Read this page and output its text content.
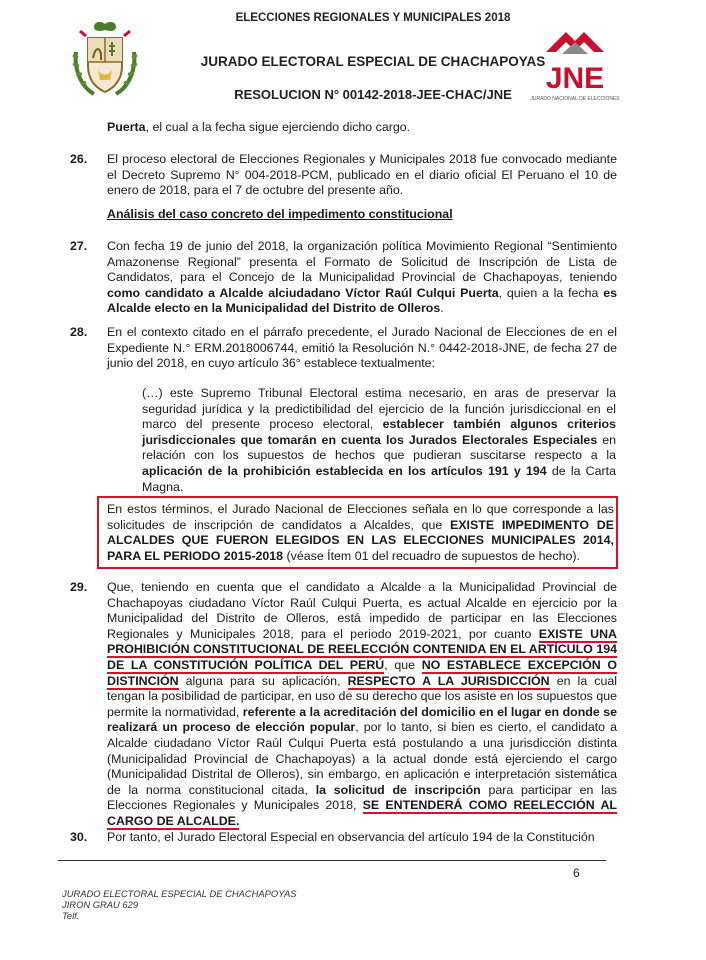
ELECCIONES REGIONALES Y MUNICIPALES 2018
JURADO ELECTORAL ESPECIAL DE CHACHAPOYAS
RESOLUCION N° 00142-2018-JEE-CHAC/JNE	JNE
JURADO NACIONAL DE ELECCIONES
Puerta, el cual a la fecha sigue ejerciendo dicho cargo.
26. El proceso electoral de Elecciones Regionales y Municipales 2018 fue convocado mediante el Decreto Supremo N° 004-2018-PCM, publicado en el diario oficial El Peruano el 10 de enero de 2018, para el 7 de octubre del presente año.
Análisis del caso concreto del impedimento constitucional
27. Con fecha 19 de junio del 2018, la organización política Movimiento Regional “Sentimiento Amazonense Regional” presenta el Formato de Solicitud de Inscripción de Lista de Candidatos, para el Concejo de la Municipalidad Provincial de Chachapoyas, teniendo como candidato a Alcalde alciudadano Víctor Raúl Culqui Puerta, quien a la fecha es Alcalde electo en la Municipalidad del Distrito de Olleros.
28. En el contexto citado en el párrafo precedente, el Jurado Nacional de Elecciones de en el Expediente N.° ERM.2018006744, emitió la Resolución N.° 0442-2018-JNE, de fecha 27 de junio del 2018, en cuyo artículo 36° establece textualmente:
(…) este Supremo Tribunal Electoral estima necesario, en aras de preservar la seguridad jurídica y la predictibilidad del ejercicio de la función jurisdiccional en el marco del presente proceso electoral, establecer también algunos criterios jurisdiccionales que tomarán en cuenta los Jurados Electorales Especiales en relación con los supuestos de hechos que pudieran suscitarse respecto a la aplicación de la prohibición establecida en los artículos 191 y 194 de la Carta Magna.
En estos términos, el Jurado Nacional de Elecciones señala en lo que corresponde a las solicitudes de inscripción de candidatos a Alcaldes, que EXISTE IMPEDIMENTO DE ALCALDES QUE FUERON ELEGIDOS EN LAS ELECCIONES MUNICIPALES 2014, PARA EL PERIODO 2015-2018 (véase Ítem 01 del recuadro de supuestos de hecho).
29. Que, teniendo en cuenta que el candidato a Alcalde a la Municipalidad Provincial de Chachapoyas ciudadano Víctor Raúl Culqui Puerta, es actual Alcalde en ejercicio por la Municipalidad del Distrito de Olleros, está impedido de participar en las Elecciones Regionales y Municipales 2018, para el periodo 2019-2021, por cuanto EXISTE UNA PROHIBICIÓN CONSTITUCIONAL DE REELECCIÓN CONTENIDA EN EL ARTÍCULO 194 DE LA CONSTITUCIÓN POLÍTICA DEL PERÚ, que NO ESTABLECE EXCEPCIÓN O DISTINCIÓN alguna para su aplicación, RESPECTO A LA JURISDICCIÓN en la cual tengan la posibilidad de participar, en uso de su derecho que los asiste en los supuestos que permite la normatividad, referente a la acreditación del domicilio en el lugar en donde se realizará un proceso de elección popular, por lo tanto, si bien es cierto, el candidato a Alcalde ciudadano Víctor Raúl Culqui Puerta está postulando a una jurisdicción distinta (Municipalidad Provincial de Chachapoyas) a la actual donde está ejerciendo el cargo (Municipalidad Distrital de Olleros), sin embargo, en aplicación e interpretación sistemática de la norma constitucional citada, la solicitud de inscripción para participar en las Elecciones Regionales y Municipales 2018, SE ENTENDERÁ COMO REELECCIÓN AL CARGO DE ALCALDE.
30. Por tanto, el Jurado Electoral Especial en observancia del artículo 194 de la Constitución
6
JURADO ELECTORAL ESPECIAL DE CHACHAPOYAS
JIRON GRAU 629
Telf.
